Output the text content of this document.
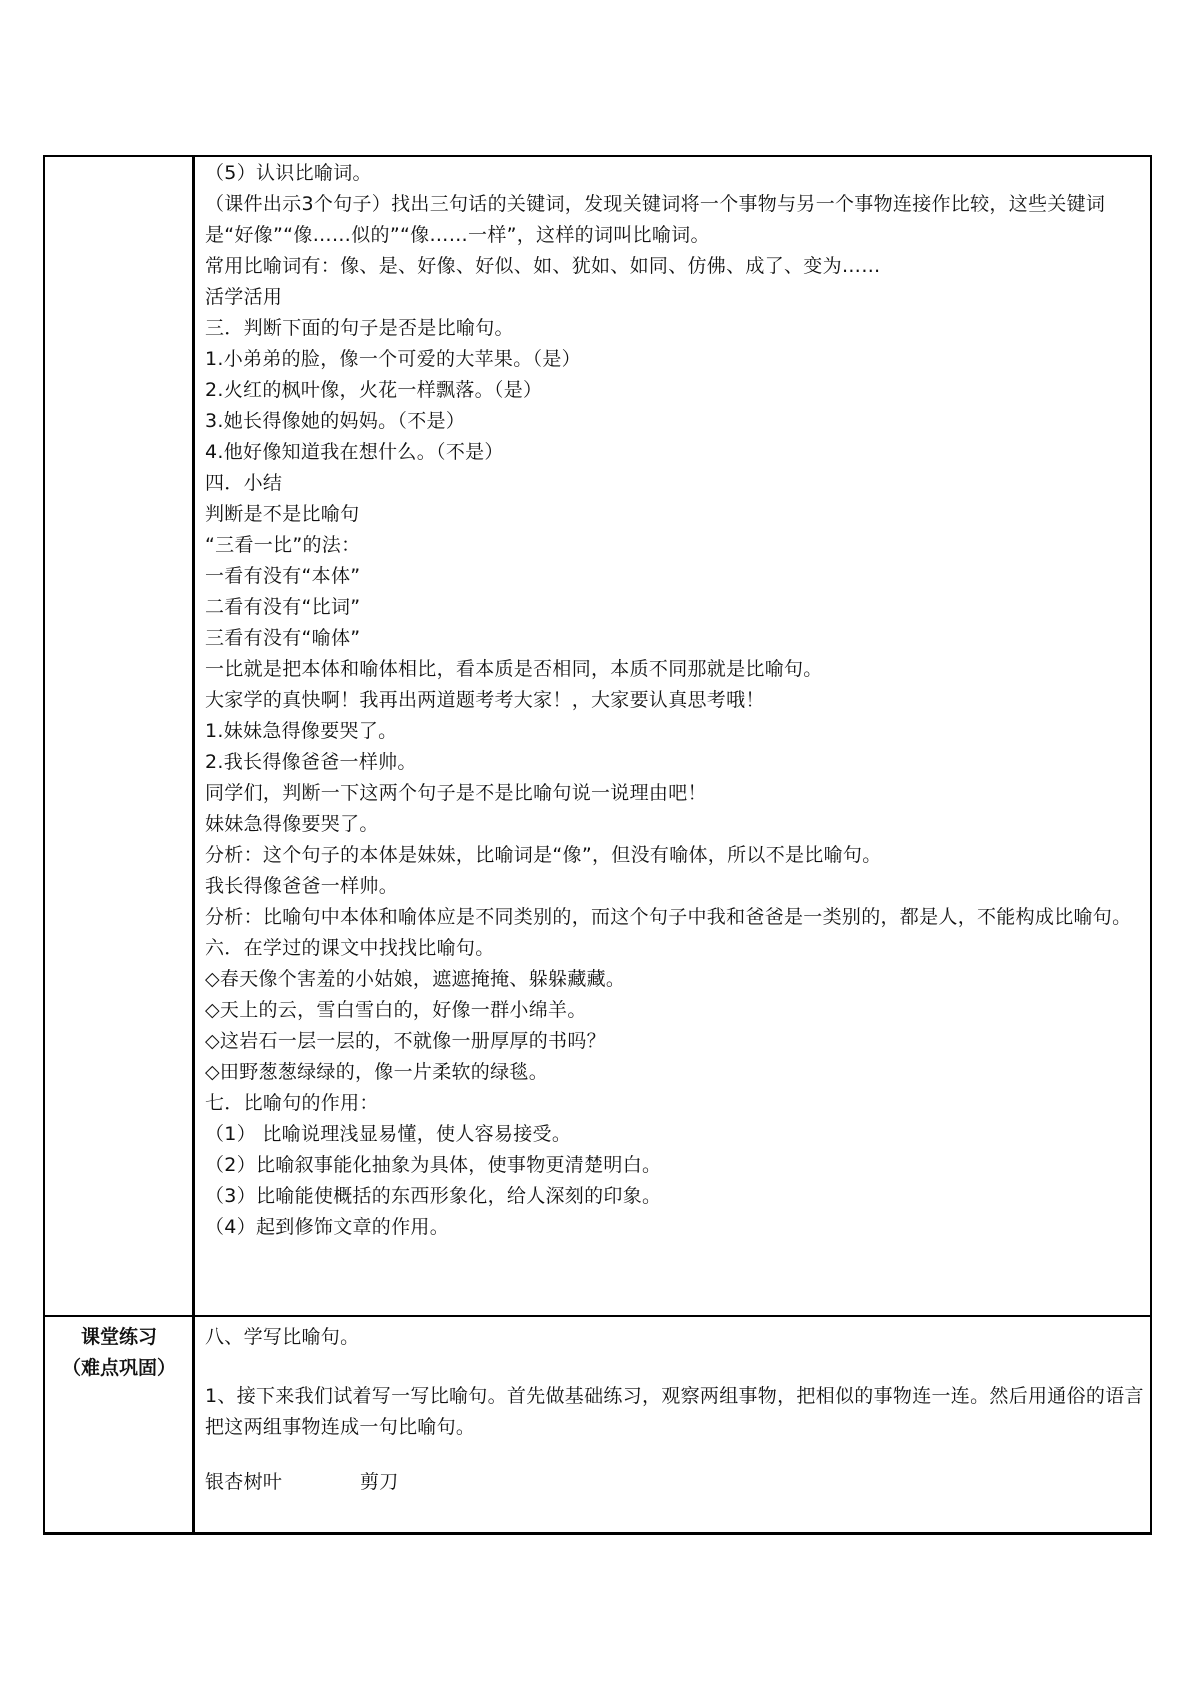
（5）认识比喻词。
（课件出示3个句子）找出三句话的关键词，发现关键词将一个事物与另一个事物连接作比较，这些关键词是“好像”“像……似的”“像……一样”，这样的词叫比喻词。
常用比喻词有：像、是、好像、好似、如、犹如、如同、仿佛、成了、变为……
活学活用
三．判断下面的句子是否是比喻句。
1.小弟弟的脸，像一个可爱的大苹果。（是）
2.火红的枫叶像，火花一样飘落。（是）
3.她长得像她的妈妈。（不是）
4.他好像知道我在想什么。（不是）
四．小结
判断是不是比喻句
“三看一比”的法：
一看有没有“本体”
二看有没有“比词”
三看有没有“喻体”
一比就是把本体和喻体相比，看本质是否相同，本质不同那就是比喻句。
大家学的真快啊！我再出两道题考考大家！，大家要认真思考哦！
1.妹妹急得像要哭了。
2.我长得像爸爸一样帅。
同学们，判断一下这两个句子是不是比喻句说一说理由吧！
妹妹急得像要哭了。
分析：这个句子的本体是妹妹，比喻词是“像”，但没有喻体，所以不是比喻句。
我长得像爸爸一样帅。
分析：比喻句中本体和喻体应是不同类别的，而这个句子中我和爸爸是一类别的，都是人，不能构成比喻句。
六．在学过的课文中找找比喻句。
◇春天像个害羞的小姑娘，遮遮掩掩、躲躲藏藏。
◇天上的云，雪白雪白的，好像一群小绵羊。
◇这岩石一层一层的，不就像一册厚厚的书吗？
◇田野葱葱绿绿的，像一片柔软的绿毯。
七．比喻句的作用：
（1） 比喻说理浅显易懂，使人容易接受。
（2）比喻叙事能化抽象为具体，使事物更清楚明白。
（3）比喻能使概括的东西形象化，给人深刻的印象。
（4）起到修饰文章的作用。
课堂练习
（难点巩固）
八、学写比喻句。
1、接下来我们试着写一写比喻句。首先做基础练习，观察两组事物，把相似的事物连一连。然后用通俗的语言把这两组事物连成一句比喻句。
银杏树叶	剪刀
